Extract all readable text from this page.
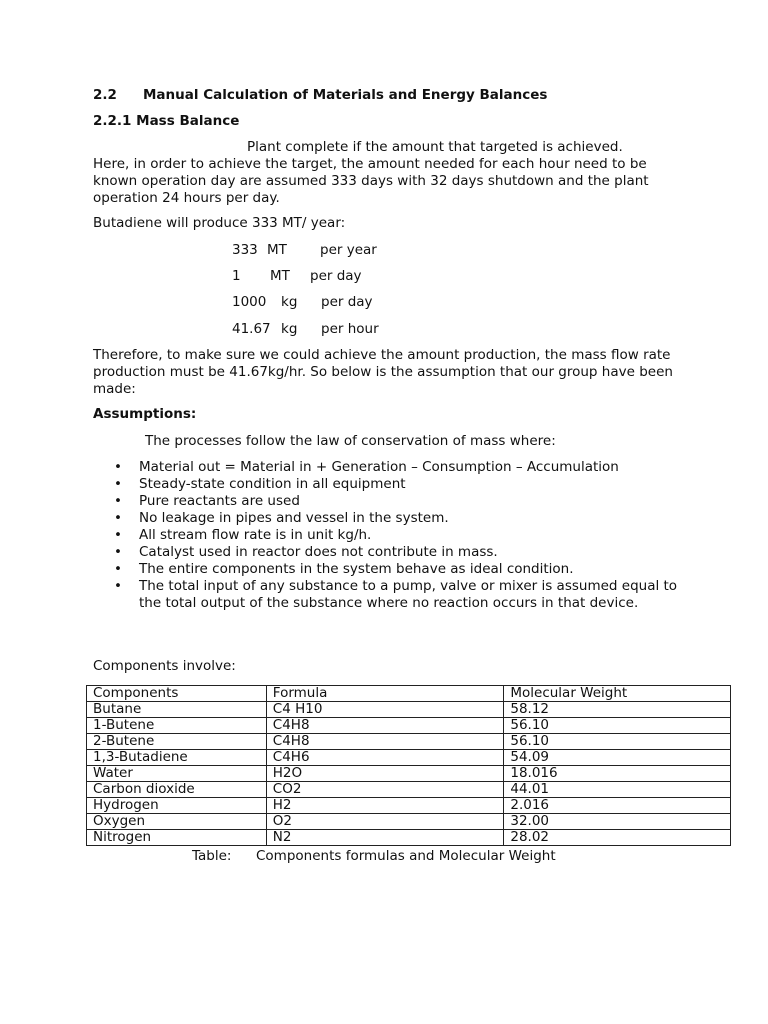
2.2 Manual Calculation of Materials and Energy Balances
2.2.1 Mass Balance
Plant complete if the amount that targeted is achieved.
Here, in order to achieve the target, the amount needed for each hour need to be known operation day are assumed 333 days with 32 days shutdown and the plant operation 24 hours per day.
Butadiene will produce 333 MT/ year:
333 MT per year
1 MT per day
1000 kg per day
41.67 kg per hour
Therefore, to make sure we could achieve the amount production, the mass flow rate production must be 41.67kg/hr. So below is the assumption that our group have been made:
Assumptions:
The processes follow the law of conservation of mass where:
• Material out = Material in + Generation – Consumption – Accumulation
• Steady-state condition in all equipment
• Pure reactants are used
• No leakage in pipes and vessel in the system.
• All stream flow rate is in unit kg/h.
• Catalyst used in reactor does not contribute in mass.
• The entire components in the system behave as ideal condition.
• The total input of any substance to a pump, valve or mixer is assumed equal to the total output of the substance where no reaction occurs in that device.
Components involve:
Components	Formula	Molecular Weight
Butane	C4 H10	58.12
1-Butene	C4H8	56.10
2-Butene	C4H8	56.10
1,3-Butadiene	C4H6	54.09
Water	H2O	18.016
Carbon dioxide	CO2	44.01
Hydrogen	H2	2.016
Oxygen	O2	32.00
Nitrogen	N2	28.02
Table: Components formulas and Molecular Weight
